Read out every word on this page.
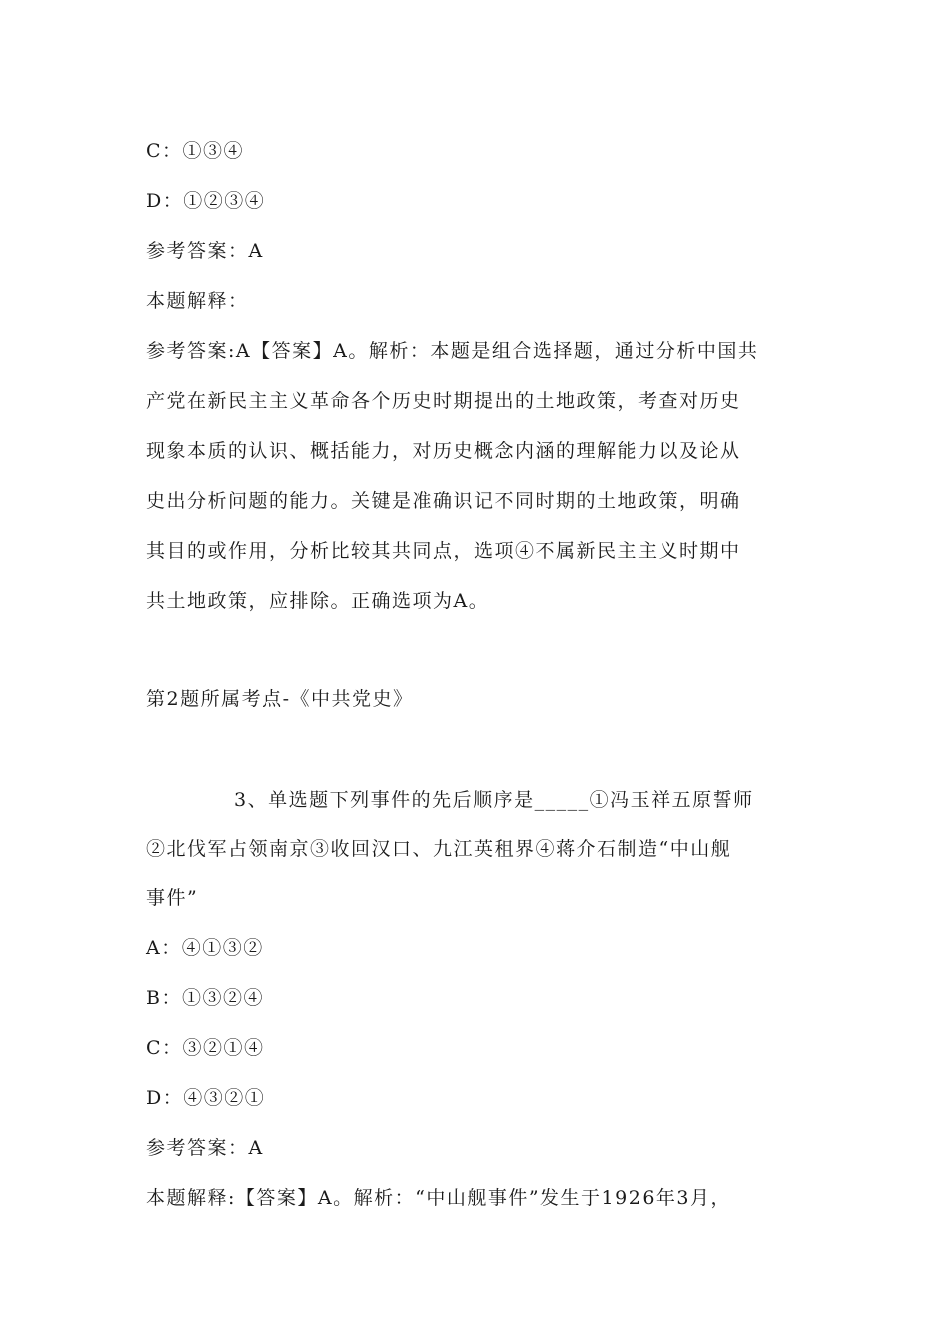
C：①③④
D：①②③④
参考答案：A
本题解释：
参考答案:A【答案】A。解析：本题是组合选择题，通过分析中国共
产党在新民主主义革命各个历史时期提出的土地政策，考查对历史
现象本质的认识、概括能力，对历史概念内涵的理解能力以及论从
史出分析问题的能力。关键是准确识记不同时期的土地政策，明确
其目的或作用，分析比较其共同点，选项④不属新民主主义时期中
共土地政策，应排除。正确选项为A。
第2题所属考点-《中共党史》
3、单选题下列事件的先后顺序是_____①冯玉祥五原誓师
②北伐军占领南京③收回汉口、九江英租界④蒋介石制造“中山舰
事件”
A：④①③②
B：①③②④
C：③②①④
D：④③②①
参考答案：A
本题解释:【答案】A。解析：“中山舰事件”发生于1926年3月，
